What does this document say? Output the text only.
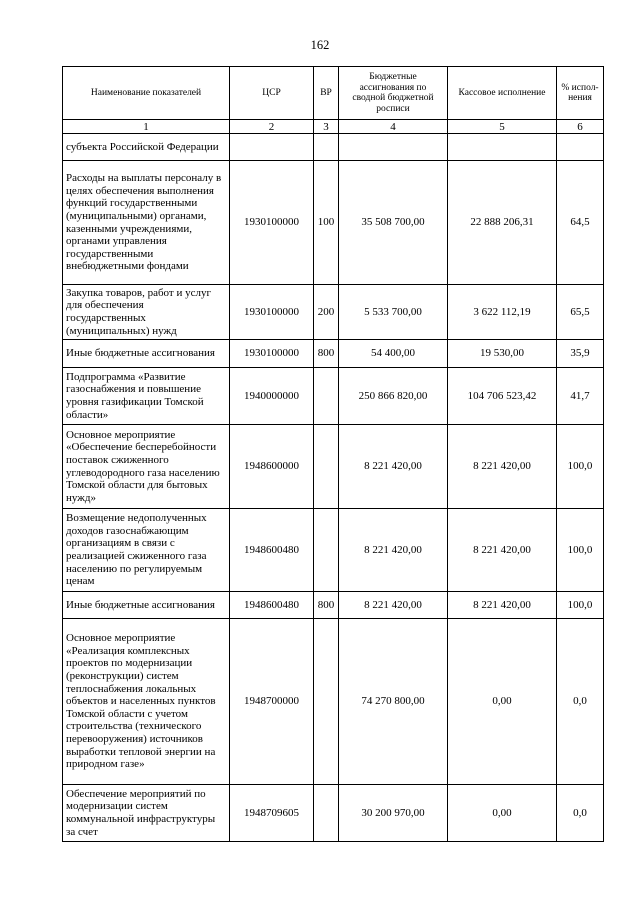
162
Наименование показателей	ЦСР	ВР	Бюджетные ассигнования по сводной бюджетной росписи	Кассовое исполнение	% испол-нения
1	2	3	4	5	6
субъекта Российской Федерации					
Расходы на выплаты персоналу в целях обеспечения выполнения функций государственными (муниципальными) органами, казенными учреждениями, органами управления государственными внебюджетными фондами	1930100000	100	35 508 700,00	22 888 206,31	64,5
Закупка товаров, работ и услуг для обеспечения государственных (муниципальных) нужд	1930100000	200	5 533 700,00	3 622 112,19	65,5
Иные бюджетные ассигнования	1930100000	800	54 400,00	19 530,00	35,9
Подпрограмма «Развитие газоснабжения и повышение уровня газификации Томской области»	1940000000		250 866 820,00	104 706 523,42	41,7
Основное мероприятие «Обеспечение бесперебойности поставок сжиженного углеводородного газа населению Томской области для бытовых нужд»	1948600000		8 221 420,00	8 221 420,00	100,0
Возмещение недополученных доходов газоснабжающим организациям в связи с реализацией сжиженного газа населению по регулируемым ценам	1948600480		8 221 420,00	8 221 420,00	100,0
Иные бюджетные ассигнования	1948600480	800	8 221 420,00	8 221 420,00	100,0
Основное мероприятие «Реализация комплексных проектов по модернизации (реконструкции) систем теплоснабжения локальных объектов и населенных пунктов Томской области с учетом строительства (технического перевооружения) источников выработки тепловой энергии на природном газе»	1948700000		74 270 800,00	0,00	0,0
Обеспечение мероприятий по модернизации систем коммунальной инфраструктуры за счет	1948709605		30 200 970,00	0,00	0,0
